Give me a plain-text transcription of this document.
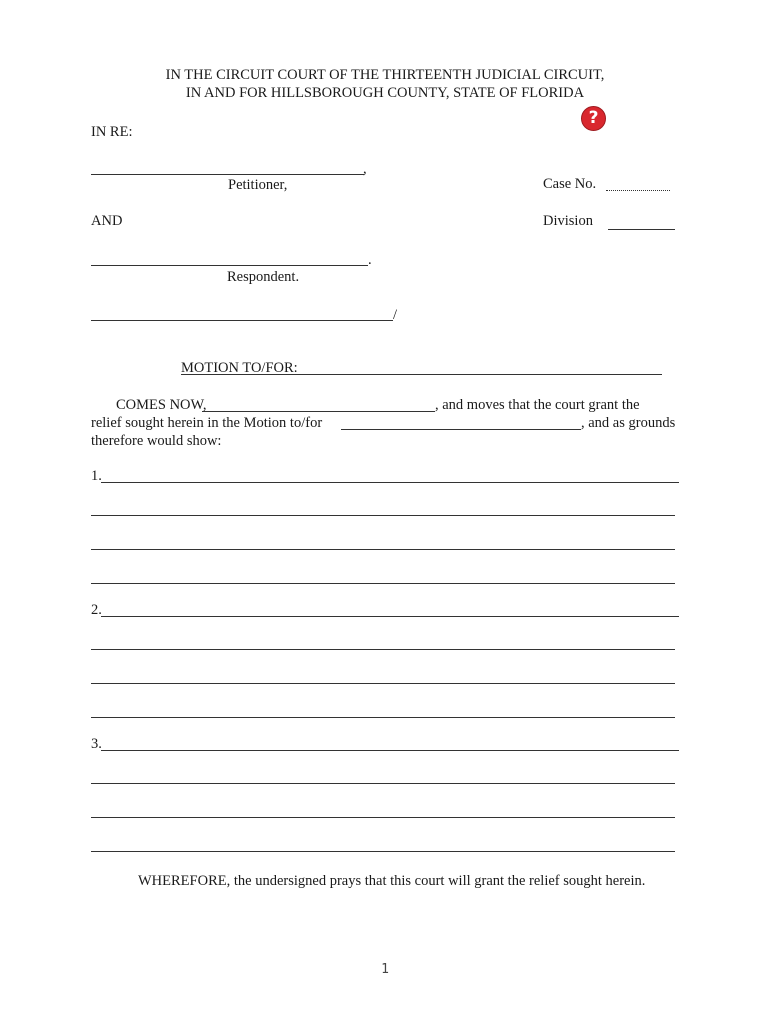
IN THE CIRCUIT COURT OF THE THIRTEENTH JUDICIAL CIRCUIT,
IN AND FOR HILLSBOROUGH COUNTY, STATE OF FLORIDA
?
IN RE:
,
Petitioner,	Case No.
AND	Division
.
Respondent.
/
MOTION TO/FOR:
COMES NOW,	, and moves that the court grant the
relief sought herein in the Motion to/for	, and as grounds
therefore would show:
1.
2.
3.
WHEREFORE, the undersigned prays that this court will grant the relief sought herein.
1
